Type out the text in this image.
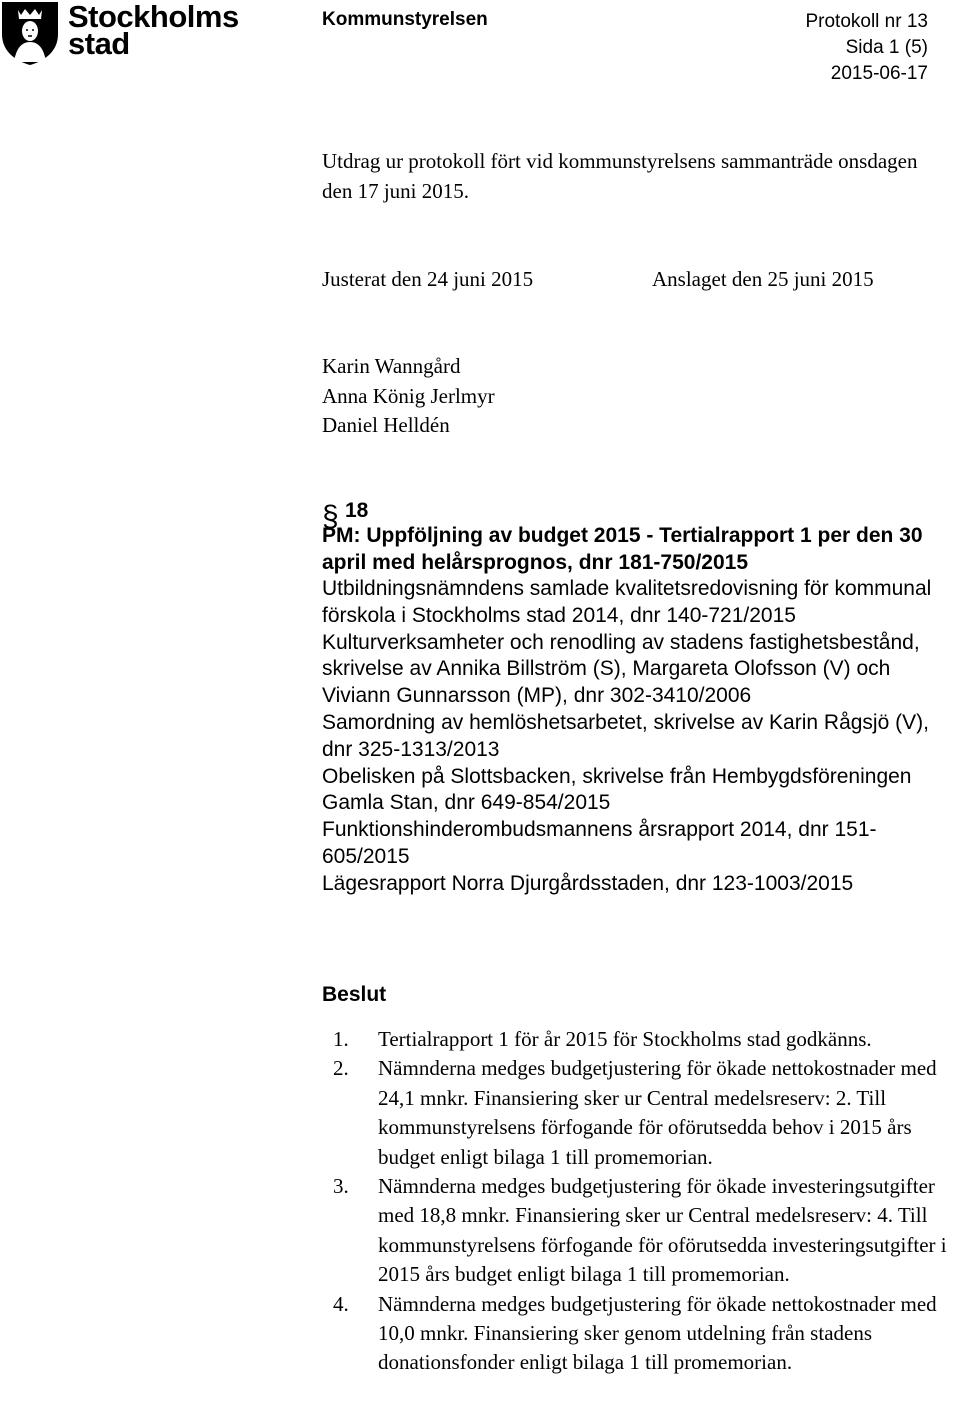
Stockholms
stad
Kommunstyrelsen	Protokoll nr 13
Sida 1 (5)
2015-06-17
Utdrag ur protokoll fört vid kommunstyrelsens sammanträde onsdagen den 17 juni 2015.
Justerat den 24 juni 2015	Anslaget den 25 juni 2015
Karin Wanngård
Anna König Jerlmyr
Daniel Helldén
§ 18
PM: Uppföljning av budget 2015 - Tertialrapport 1 per den 30 april med helårsprognos, dnr 181-750/2015
Utbildningsnämndens samlade kvalitetsredovisning för kommunal förskola i Stockholms stad 2014, dnr 140-721/2015
Kulturverksamheter och renodling av stadens fastighetsbestånd, skrivelse av Annika Billström (S), Margareta Olofsson (V) och Viviann Gunnarsson (MP), dnr 302-3410/2006
Samordning av hemlöshetsarbetet, skrivelse av Karin Rågsjö (V), dnr 325-1313/2013
Obelisken på Slottsbacken, skrivelse från Hembygdsföreningen Gamla Stan, dnr 649-854/2015
Funktionshinderombudsmannens årsrapport 2014, dnr 151-605/2015
Lägesrapport Norra Djurgårdsstaden, dnr 123-1003/2015
Beslut
1. Tertialrapport 1 för år 2015 för Stockholms stad godkänns.
2. Nämnderna medges budgetjustering för ökade nettokostnader med 24,1 mnkr. Finansiering sker ur Central medelsreserv: 2. Till kommunstyrelsens förfogande för oförutsedda behov i 2015 års budget enligt bilaga 1 till promemorian.
3. Nämnderna medges budgetjustering för ökade investeringsutgifter med 18,8 mnkr. Finansiering sker ur Central medelsreserv: 4. Till kommunstyrelsens förfogande för oförutsedda investeringsutgifter i 2015 års budget enligt bilaga 1 till promemorian.
4. Nämnderna medges budgetjustering för ökade nettokostnader med 10,0 mnkr. Finansiering sker genom utdelning från stadens donationsfonder enligt bilaga 1 till promemorian.
